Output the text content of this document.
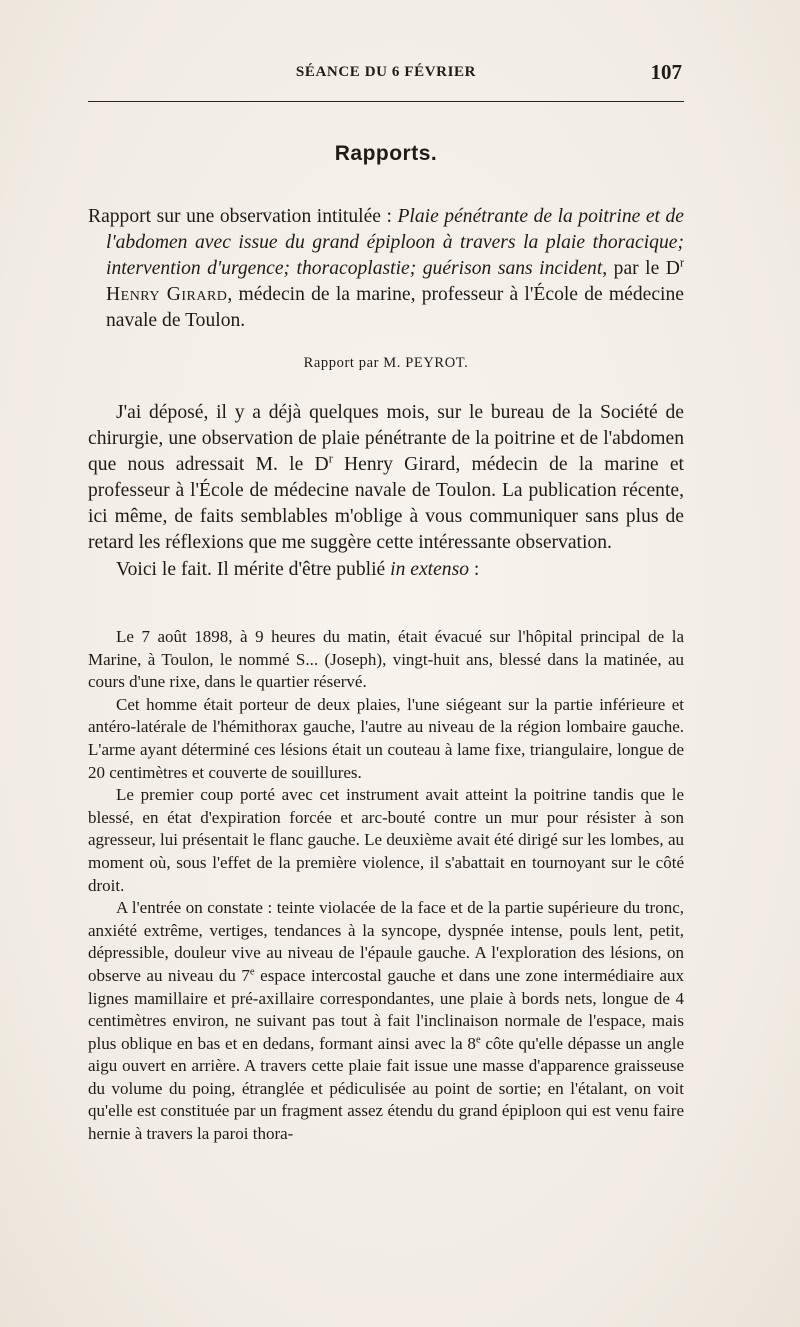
SÉANCE DU 6 FÉVRIER	107
Rapports.
Rapport sur une observation intitulée : Plaie pénétrante de la poitrine et de l'abdomen avec issue du grand épiploon à travers la plaie thoracique; intervention d'urgence; thoracoplastie; guérison sans incident, par le $D^r$ Henry Girard, médecin de la marine, professeur à l'École de médecine navale de Toulon.
Rapport par M. PEYROT.

J'ai déposé, il y a déjà quelques mois, sur le bureau de la Société de chirurgie, une observation de plaie pénétrante de la poitrine et de l'abdomen que nous adressait M. le $D^r$ Henry Girard, médecin de la marine et professeur à l'École de médecine navale de Toulon. La publication récente, ici même, de faits semblables m'oblige à vous communiquer sans plus de retard les réflexions que me suggère cette intéressante observation.

Voici le fait. Il mérite d'être publié in extenso :

Le 7 août 1898, à 9 heures du matin, était évacué sur l'hôpital principal de la Marine, à Toulon, le nommé S... (Joseph), vingt-huit ans, blessé dans la matinée, au cours d'une rixe, dans le quartier réservé.

Cet homme était porteur de deux plaies, l'une siégeant sur la partie inférieure et antéro-latérale de l'hémithorax gauche, l'autre au niveau de la région lombaire gauche. L'arme ayant déterminé ces lésions était un couteau à lame fixe, triangulaire, longue de 20 centimètres et couverte de souillures.

Le premier coup porté avec cet instrument avait atteint la poitrine tandis que le blessé, en état d'expiration forcée et arc-bouté contre un mur pour résister à son agresseur, lui présentait le flanc gauche. Le deuxième avait été dirigé sur les lombes, au moment où, sous l'effet de la première violence, il s'abattait en tournoyant sur le côté droit.

A l'entrée on constate : teinte violacée de la face et de la partie supérieure du tronc, anxiété extrême, vertiges, tendances à la syncope, dyspnée intense, pouls lent, petit, dépressible, douleur vive au niveau de l'épaule gauche. A l'exploration des lésions, on observe au niveau du 7e espace intercostal gauche et dans une zone intermédiaire aux lignes mamillaire et pré-axillaire correspondantes, une plaie à bords nets, longue de 4 centimètres environ, ne suivant pas tout à fait l'inclinaison normale de l'espace, mais plus oblique en bas et en dedans, formant ainsi avec la 8e côte qu'elle dépasse un angle aigu ouvert en arrière. A travers cette plaie fait issue une masse d'apparence graisseuse du volume du poing, étranglée et pédiculisée au point de sortie; en l'étalant, on voit qu'elle est constituée par un fragment assez étendu du grand épiploon qui est venu faire hernie à travers la paroi thora-
